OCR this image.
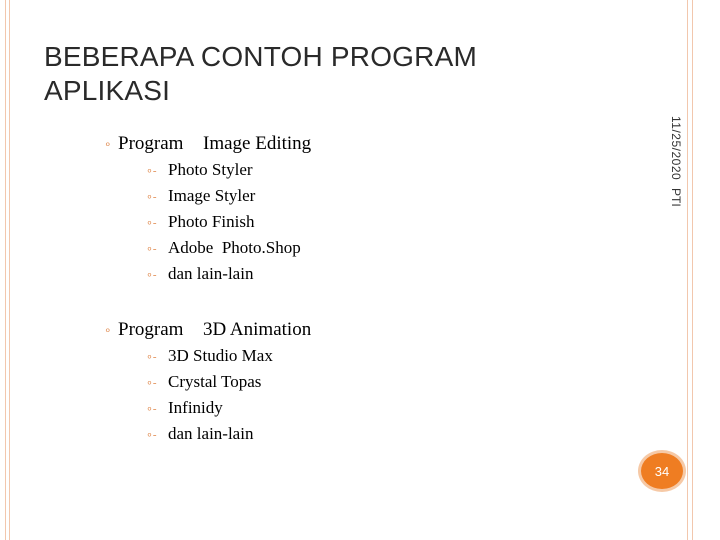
BEBERAPA CONTOH PROGRAM
APLIKASI
11/25/2020
PTI
∘ Program	Image Editing
∘- Photo Styler
∘- Image Styler
∘- Photo Finish
∘- Adobe  Photo.Shop
∘- dan lain-lain
∘ Program	3D Animation
∘- 3D Studio Max
∘- Crystal Topas
∘- Infinidy
∘- dan lain-lain
34
